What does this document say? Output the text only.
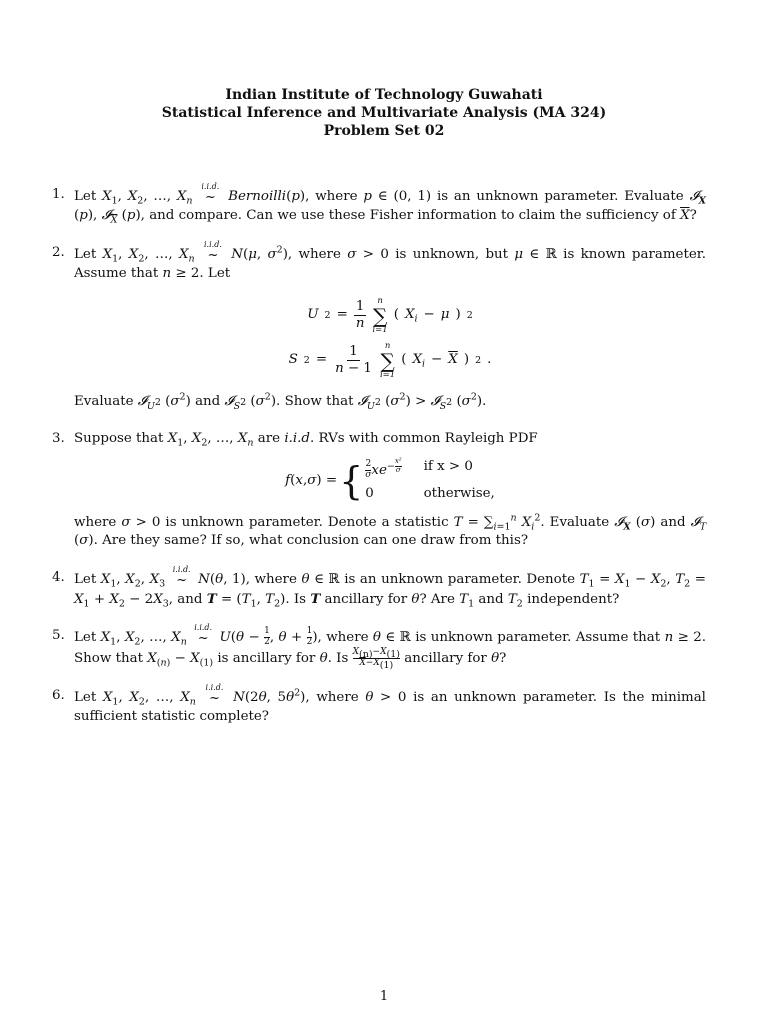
Indian Institute of Technology Guwahati
Statistical Inference and Multivariate Analysis (MA 324)
Problem Set 02
1. Let $X_1$, $X_2$, …, $X_n$
i.i.d.
~ Bernoilli(p), where p ∈ (0, 1) is an unknown parameter. Evaluate 𝓘$_X$ (p), 𝓘$_{\overline{X}}$ (p), and compare. Can we use these Fisher information to claim the sufficiency of $\overline{X}$?
2. Let $X_1$, $X_2$, …, $X_n$
i.i.d.
~ N(μ, $\sigma^2$), where σ > 0 is unknown, but μ ∈ ℝ is known parameter. Assume that n ≥ 2. Let
U $2 = \frac{1}{n}$ n
∑
i=1
( $X_i - \mu$ ) 2

S $2 = \frac{1}{n - 1}$ n
∑
i=1
( $X_i - \overline{X}$ ) 2 .
Evaluate 𝓘$_{U^2}$ $(\sigma^2)$ and 𝓘$_{S^2}$ $(\sigma^2)$. Show that 𝓘$_{U^2}$ $(\sigma^2)$ > 𝓘$_{S^2}$ $(\sigma^2)$.
3. Suppose that $X_1$, $X_2$, …, $X_n$ are i.i.d. RVs with common Rayleigh PDF
f ( x , σ ) = { $\frac{2}{\sigma} xe^{- \frac{\text{x²}}{\sigma}}$ if x > 0
0	otherwise,
where σ > 0 is unknown parameter. Denote a statistic $T = \sum_{i=1}^n$ $X_i^2$. Evaluate 𝓘$_X$ (σ) and 𝓘$_T$ (σ). Are they same? If so, what conclusion can one draw from this?
4. Let $X_1$, $X_2$, $X_3$
i.i.d.
~ N(θ, 1), where θ ∈ ℝ is an unknown parameter. Denote $T_1 = X_1 - X_2$, $T_2 = X_1 + X_2 - 2X_3$, and $T = (T_1$, $T_2$). Is T ancillary for θ? Are $T_1$ and $T_2$ independent?
5. Let $X_1$, $X_2$, …, $X_n$
i.i.d.
~ $U(\theta - \frac{1}{2}$ , $\theta + \frac{1}{2}$ ), where θ ∈ ℝ is unknown parameter. Assume that n ≥ 2. Show that $X_{(n)} - X_{(1)}$ is ancillary for θ. Is $\frac{X_{(n)}-X_{(1)}}{\overline{X}-X_{(1)}}$ ancillary for θ?
6. Let $X_1$, $X_2$, …, $X_n$
i.i.d.
~ N(2θ, $5\theta^2$), where θ > 0 is an unknown parameter. Is the minimal sufficient statistic complete?
1
